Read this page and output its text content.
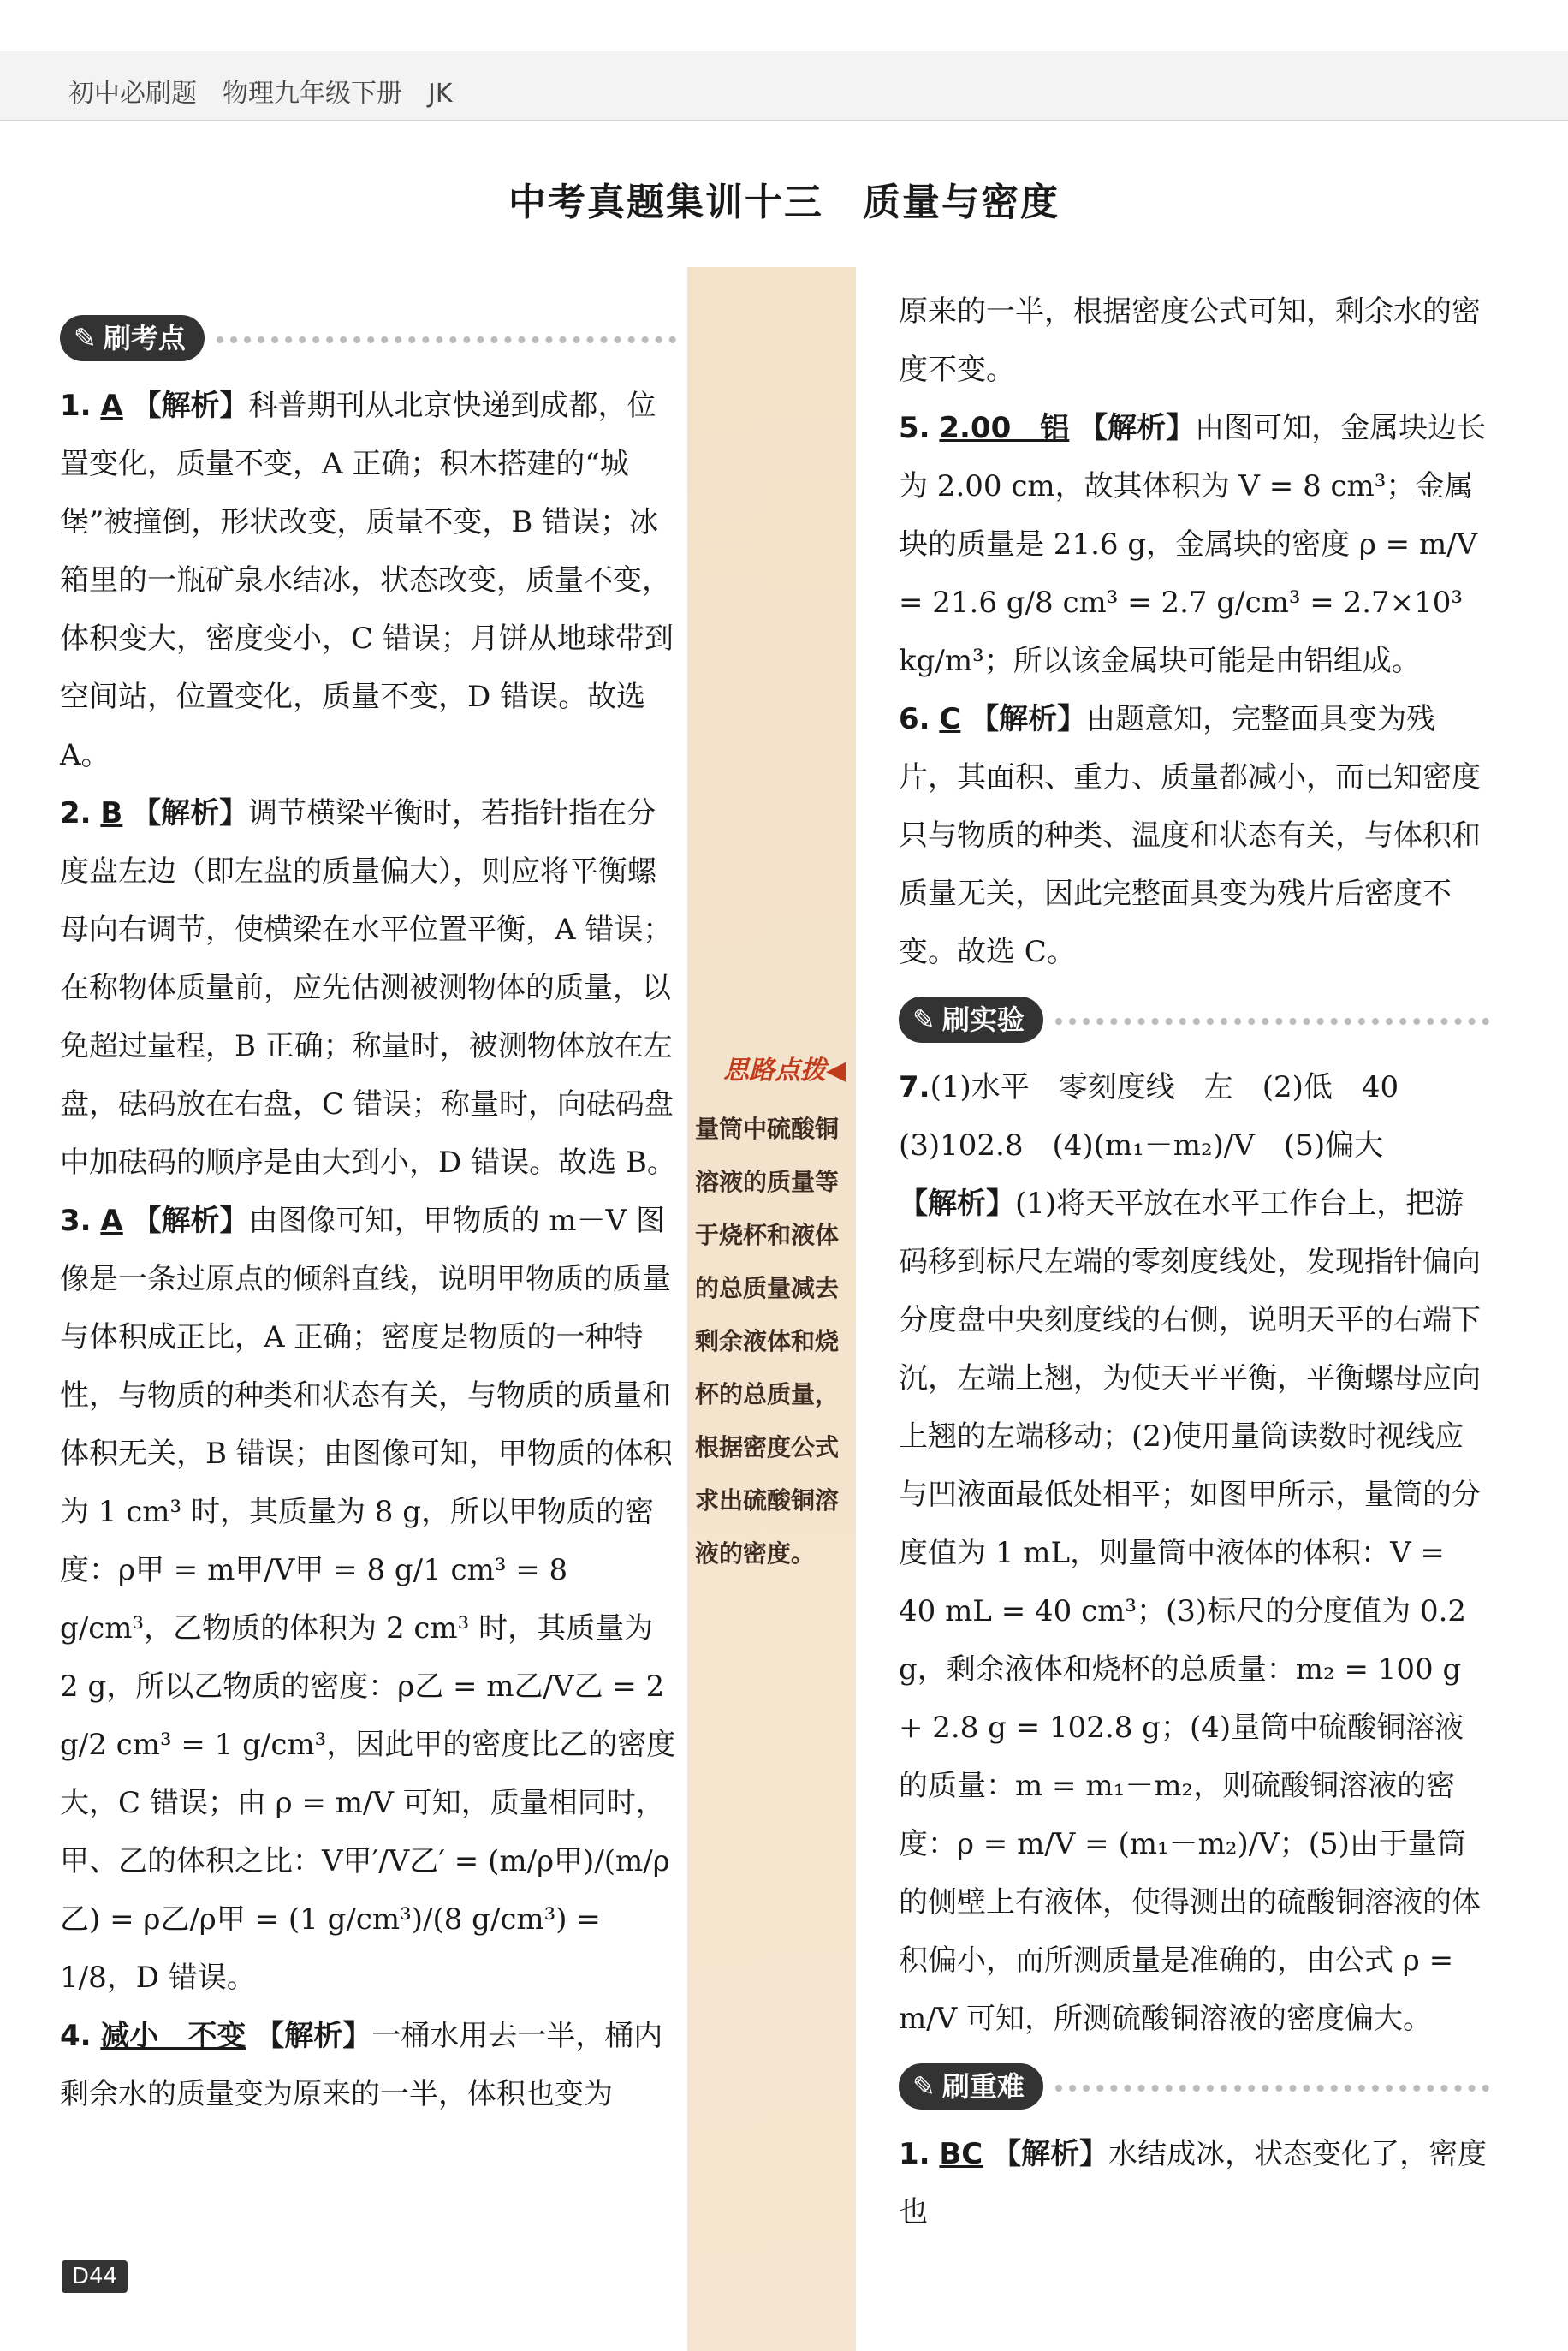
初中必刷题　物理九年级下册　JK
中考真题集训十三　质量与密度
思路点拨◀
量筒中硫酸铜溶液的质量等于烧杯和液体的总质量减去剩余液体和烧杯的总质量，根据密度公式求出硫酸铜溶液的密度。
✎ 刷考点

1. A 【解析】科普期刊从北京快递到成都，位置变化，质量不变，A 正确；积木搭建的“城堡”被撞倒，形状改变，质量不变，B 错误；冰箱里的一瓶矿泉水结冰，状态改变，质量不变，体积变大，密度变小，C 错误；月饼从地球带到空间站，位置变化，质量不变，D 错误。故选 A。

2. B 【解析】调节横梁平衡时，若指针指在分度盘左边（即左盘的质量偏大），则应将平衡螺母向右调节，使横梁在水平位置平衡，A 错误；在称物体质量前，应先估测被测物体的质量，以免超过量程，B 正确；称量时，被测物体放在左盘，砝码放在右盘，C 错误；称量时，向砝码盘中加砝码的顺序是由大到小，D 错误。故选 B。

3. A 【解析】由图像可知，甲物质的 m－V 图像是一条过原点的倾斜直线，说明甲物质的质量与体积成正比，A 正确；密度是物质的一种特性，与物质的种类和状态有关，与物质的质量和体积无关，B 错误；由图像可知，甲物质的体积为 1 cm³ 时，其质量为 8 g，所以甲物质的密度：ρ甲 = m甲/V甲 = 8 g/1 cm³ = 8 g/cm³，乙物质的体积为 2 cm³ 时，其质量为 2 g，所以乙物质的密度：ρ乙 = m乙/V乙 = 2 g/2 cm³ = 1 g/cm³，因此甲的密度比乙的密度大，C 错误；由 ρ = m/V 可知，质量相同时，甲、乙的体积之比：V甲′/V乙′ = (m/ρ甲)/(m/ρ乙) = ρ乙/ρ甲 = (1 g/cm³)/(8 g/cm³) = 1/8，D 错误。

4. 减小　不变 【解析】一桶水用去一半，桶内剩余水的质量变为原来的一半，体积也变为

原来的一半，根据密度公式可知，剩余水的密度不变。

5. 2.00　铝 【解析】由图可知，金属块边长为 2.00 cm，故其体积为 V = 8 cm³；金属块的质量是 21.6 g，金属块的密度 ρ = m/V = 21.6 g/8 cm³ = 2.7 g/cm³ = 2.7×10³ kg/m³；所以该金属块可能是由铝组成。

6. C 【解析】由题意知，完整面具变为残片，其面积、重力、质量都减小，而已知密度只与物质的种类、温度和状态有关，与体积和质量无关，因此完整面具变为残片后密度不变。故选 C。

✎ 刷实验

7.(1)水平　零刻度线　左　(2)低　40

(3)102.8　(4)(m₁－m₂)/V　(5)偏大

【解析】(1)将天平放在水平工作台上，把游码移到标尺左端的零刻度线处，发现指针偏向分度盘中央刻度线的右侧，说明天平的右端下沉，左端上翘，为使天平平衡，平衡螺母应向上翘的左端移动；(2)使用量筒读数时视线应与凹液面最低处相平；如图甲所示，量筒的分度值为 1 mL，则量筒中液体的体积：V = 40 mL = 40 cm³；(3)标尺的分度值为 0.2 g，剩余液体和烧杯的总质量：m₂ = 100 g + 2.8 g = 102.8 g；(4)量筒中硫酸铜溶液的质量：m = m₁－m₂，则硫酸铜溶液的密度：ρ = m/V = (m₁－m₂)/V；(5)由于量筒的侧壁上有液体，使得测出的硫酸铜溶液的体积偏小，而所测质量是准确的，由公式 ρ = m/V 可知，所测硫酸铜溶液的密度偏大。

✎ 刷重难

1. BC 【解析】水结成冰，状态变化了，密度也

D44
